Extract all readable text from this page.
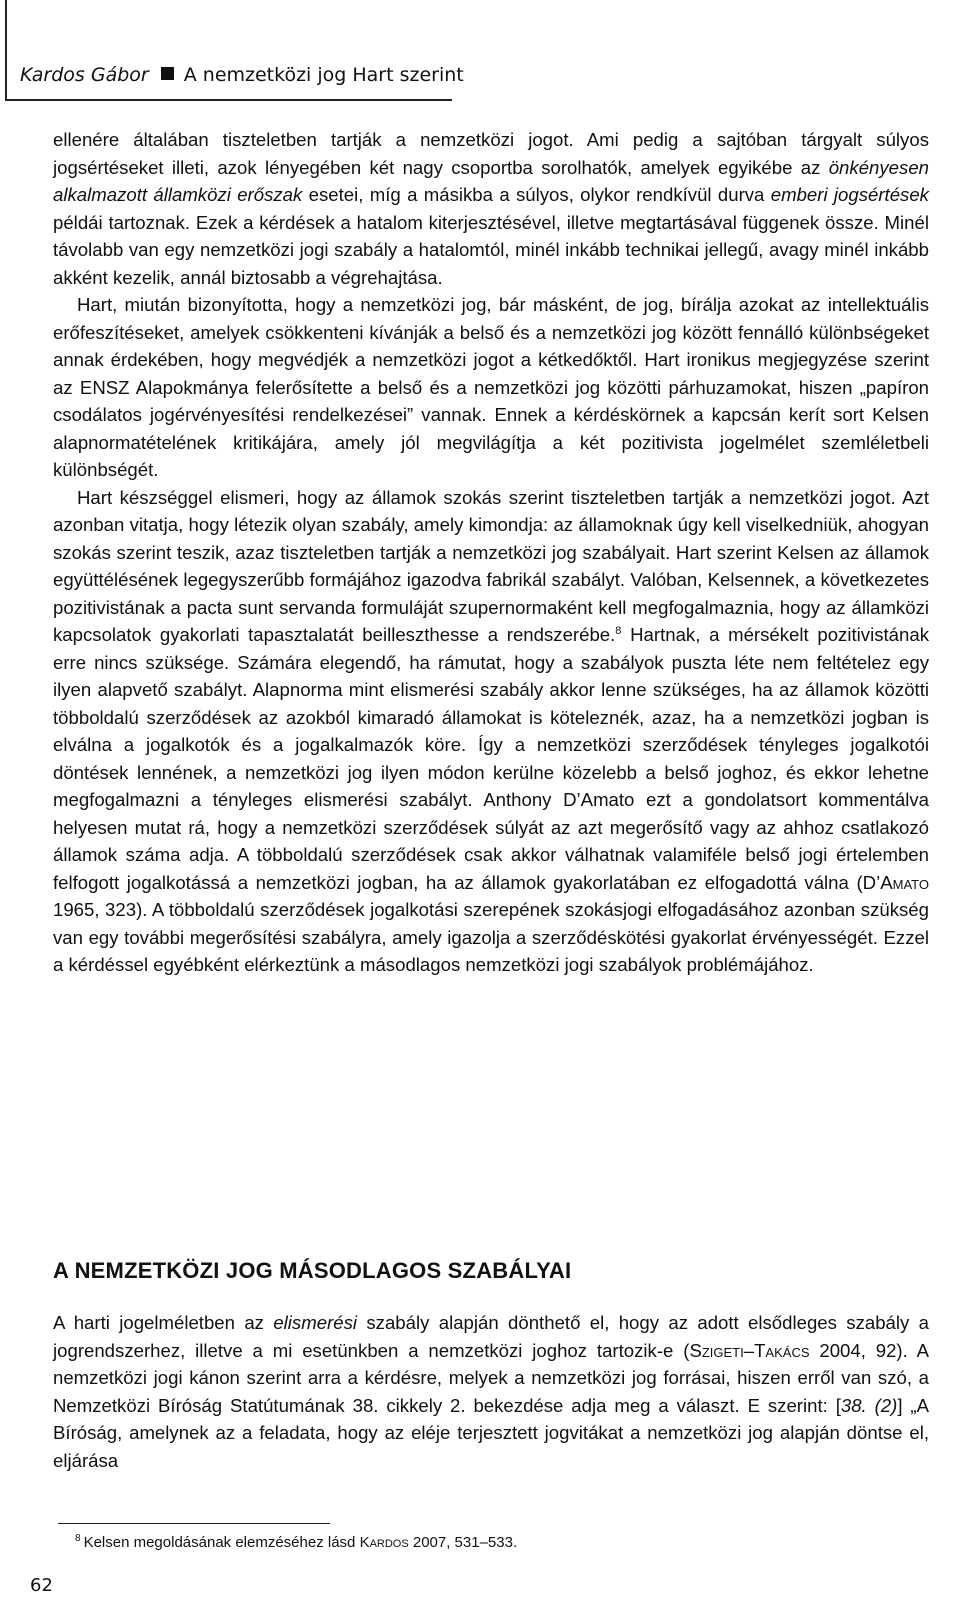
Kardos Gábor A nemzetközi jog Hart szerint

ellenére általában tiszteletben tartják a nemzetközi jogot. Ami pedig a sajtóban tárgyalt súlyos jogsértéseket illeti, azok lényegében két nagy csoportba sorolhatók, amelyek egyikébe az önkényesen alkalmazott államközi erőszak esetei, míg a másikba a súlyos, olykor rendkívül durva emberi jogsértések példái tartoznak. Ezek a kérdések a hatalom kiterjesztésével, illetve megtartásával függenek össze. Minél távolabb van egy nemzetközi jogi szabály a hatalomtól, minél inkább technikai jellegű, avagy minél inkább akként kezelik, annál biztosabb a végrehajtása.

Hart, miután bizonyította, hogy a nemzetközi jog, bár másként, de jog, bírálja azokat az intellektuális erőfeszítéseket, amelyek csökkenteni kívánják a belső és a nemzetközi jog között fennálló különbségeket annak érdekében, hogy megvédjék a nemzetközi jogot a kétkedőktől. Hart ironikus megjegyzése szerint az ENSZ Alapokmánya felerősítette a belső és a nemzetközi jog közötti párhuzamokat, hiszen „papíron csodálatos jogérvényesítési rendelkezései” vannak. Ennek a kérdéskörnek a kapcsán kerít sort Kelsen alapnormatételének kritikájára, amely jól megvilágítja a két pozitivista jogelmélet szemléletbeli különbségét.

Hart készséggel elismeri, hogy az államok szokás szerint tiszteletben tartják a nemzetközi jogot. Azt azonban vitatja, hogy létezik olyan szabály, amely kimondja: az államoknak úgy kell viselkedniük, ahogyan szokás szerint teszik, azaz tiszteletben tartják a nemzetközi jog szabályait. Hart szerint Kelsen az államok együttélésének legegyszerűbb formájához igazodva fabrikál szabályt. Valóban, Kelsennek, a következetes pozitivistának a pacta sunt servanda formuláját szupernormaként kell megfogalmaznia, hogy az államközi kapcsolatok gyakorlati tapasztalatát beilleszthesse a rendszerébe.$^8$ Hartnak, a mérsékelt pozitivistának erre nincs szüksége. Számára elegendő, ha rámutat, hogy a szabályok puszta léte nem feltételez egy ilyen alapvető szabályt. Alapnorma mint elismerési szabály akkor lenne szükséges, ha az államok közötti többoldalú szerződések az azokból kimaradó államokat is köteleznék, azaz, ha a nemzetközi jogban is elválna a jogalkotók és a jogalkalmazók köre. Így a nemzetközi szerződések tényleges jogalkotói döntések lennének, a nemzetközi jog ilyen módon kerülne közelebb a belső joghoz, és ekkor lehetne megfogalmazni a tényleges elismerési szabályt. Anthony D’Amato ezt a gondolatsort kommentálva helyesen mutat rá, hogy a nemzetközi szerződések súlyát az azt megerősítő vagy az ahhoz csatlakozó államok száma adja. A többoldalú szerződések csak akkor válhatnak valamiféle belső jogi értelemben felfogott jogalkotássá a nemzetközi jogban, ha az államok gyakorlatában ez elfogadottá válna (D’Amato 1965, 323). A többoldalú szerződések jogalkotási szerepének szokásjogi elfogadásához azonban szükség van egy további megerősítési szabályra, amely igazolja a szerződéskötési gyakorlat érvényességét. Ezzel a kérdéssel egyébként elérkeztünk a másodlagos nemzetközi jogi szabályok problémájához.

A NEMZETKÖZI JOG MÁSODLAGOS SZABÁLYAI

A harti jogelméletben az elismerési szabály alapján dönthető el, hogy az adott elsődleges szabály a jogrendszerhez, illetve a mi esetünkben a nemzetközi joghoz tartozik-e (Szigeti–Takács 2004, 92). A nemzetközi jogi kánon szerint arra a kérdésre, melyek a nemzetközi jog forrásai, hiszen erről van szó, a Nemzetközi Bíróság Statútumának 38. cikkely 2. bekezdése adja meg a választ. E szerint: [38. (2)] „A Bíróság, amelynek az a feladata, hogy az eléje terjesztett jogvitákat a nemzetközi jog alapján döntse el, eljárása

$^8$ Kelsen megoldásának elemzéséhez lásd Kardos 2007, 531–533.
62
